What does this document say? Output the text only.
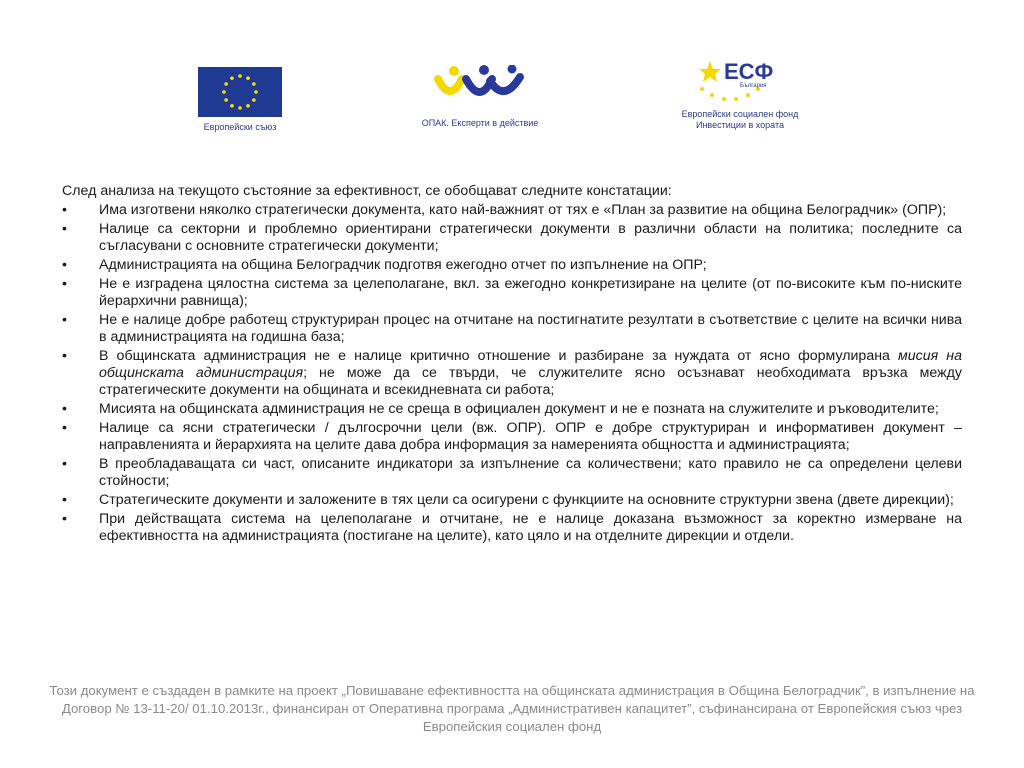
Европейски съюз	ОПАК. Експерти в действие
ЕСФ
България
Европейски социален фонд
Инвестиции в хората

След анализа на текущото състояние за ефективност, се обобщават следните констатации:

• Има изготвени няколко стратегически документа, като най-важният от тях е «План за развитие на община Белоградчик» (ОПР);
• Налице са секторни и проблемно ориентирани стратегически документи в различни области на политика; последните са съгласувани с основните стратегически документи;
• Администрацията на община Белоградчик подготвя ежегодно отчет по изпълнение на ОПР;
• Не е изградена цялостна система за целеполагане, вкл. за ежегодно конкретизиране на целите (от по-високите към по-ниските йерархични равнища);
• Не е налице добре работещ структуриран процес на отчитане на постигнатите резултати в съответствие с целите на всички нива в администрацията на годишна база;
• В общинската администрация не е налице критично отношение и разбиране за нуждата от ясно формулирана мисия на общинската администрация; не може да се твърди, че служителите ясно осъзнават необходимата връзка между стратегическите документи на общината и всекидневната си работа;
• Мисията на общинската администрация не се среща в официален документ и не е позната на служителите и ръководителите;
• Налице са ясни стратегически / дългосрочни цели (вж. ОПР). ОПР е добре структуриран и информативен документ – направленията и йерархията на целите дава добра информация за намеренията общността и администрацията;
• В преобладаващата си част, описаните индикатори за изпълнение са количествени; като правило не са определени целеви стойности;
• Стратегическите документи и заложените в тях цели са осигурени с функциите на основните структурни звена (двете дирекции);
• При действащата система на целеполагане и отчитане, не е налице доказана възможност за коректно измерване на ефективността на администрацията (постигане на целите), като цяло и на отделните дирекции и отдели.
Този документ е създаден в рамките на проект „Повишаване ефективността на общинската администрация в Община Белоградчик”, в изпълнение на Договор № 13-11-20/ 01.10.2013г., финансиран от Оперативна програма „Административен капацитет”, съфинансирана от Европейския съюз чрез Европейския социален фонд
